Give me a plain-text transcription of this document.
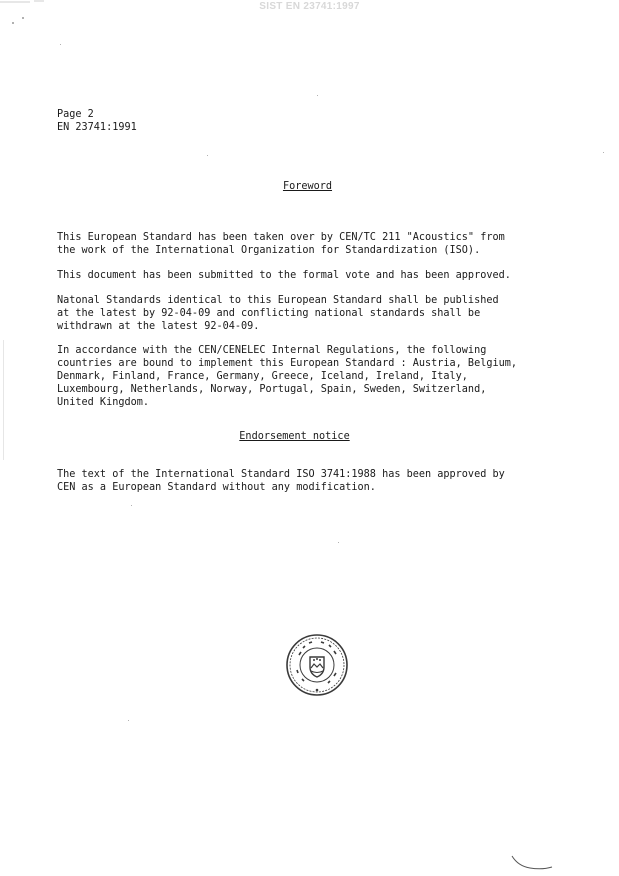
SIST EN 23741:1997
Page 2
EN 23741:1991
Foreword
This European Standard has been taken over by CEN/TC 211 "Acoustics" from
the work of the International Organization for Standardization (ISO).
This document has been submitted to the formal vote and has been approved.
Natonal Standards identical to this European Standard shall be published
at the latest by 92-04-09 and conflicting national standards shall be
withdrawn at the latest 92-04-09.
In accordance with the CEN/CENELEC Internal Regulations, the following
countries are bound to implement this European Standard : Austria, Belgium,
Denmark, Finland, France, Germany, Greece, Iceland, Ireland, Italy,
Luxembourg, Netherlands, Norway, Portugal, Spain, Sweden, Switzerland,
United Kingdom.
Endorsement notice
The text of the International Standard ISO 3741:1988 has been approved by
CEN as a European Standard without any modification.
